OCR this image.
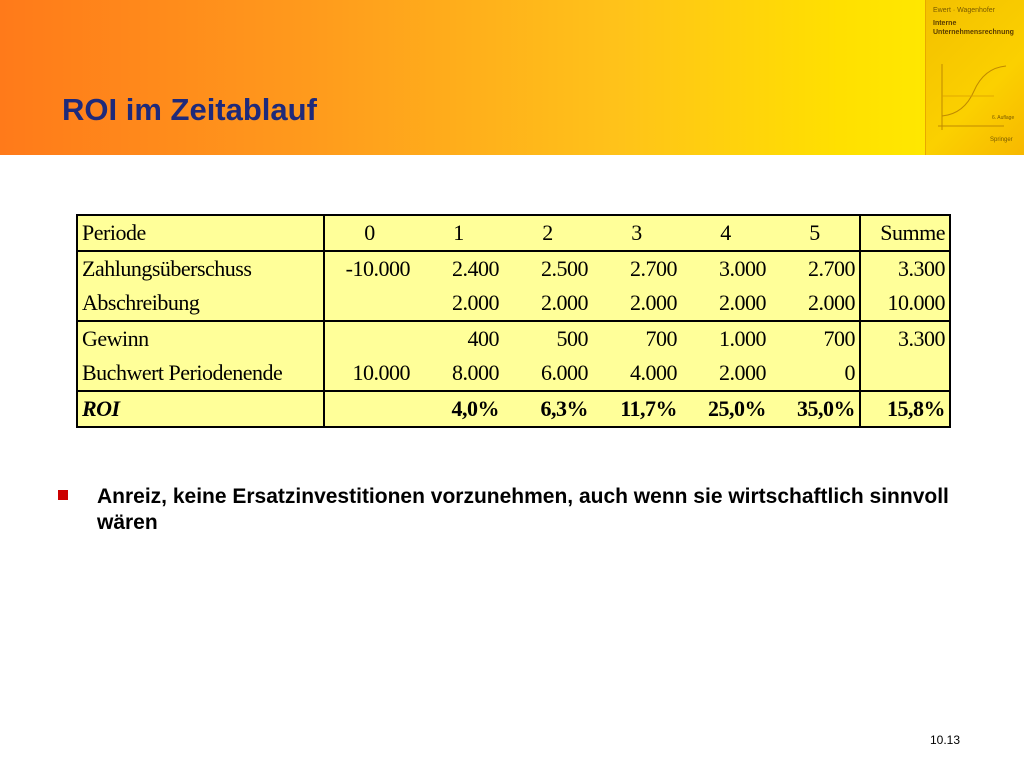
ROI im Zeitablauf
Ewert · Wagenhofer
Interne
Unternehmensrechnung
6. Auflage
Springer
Periode	0	1	2	3	4	5	Summe
Zahlungsüberschuss	-10.000	2.400	2.500	2.700	3.000	2.700	3.300
Abschreibung		2.000	2.000	2.000	2.000	2.000	10.000
Gewinn		400	500	700	1.000	700	3.300
Buchwert Periodenende	10.000	8.000	6.000	4.000	2.000	0	
ROI		4,0%	6,3%	11,7%	25,0%	35,0%	15,8%
Anreiz, keine Ersatzinvestitionen vorzunehmen, auch wenn sie wirtschaftlich sinnvoll wären
10.13
